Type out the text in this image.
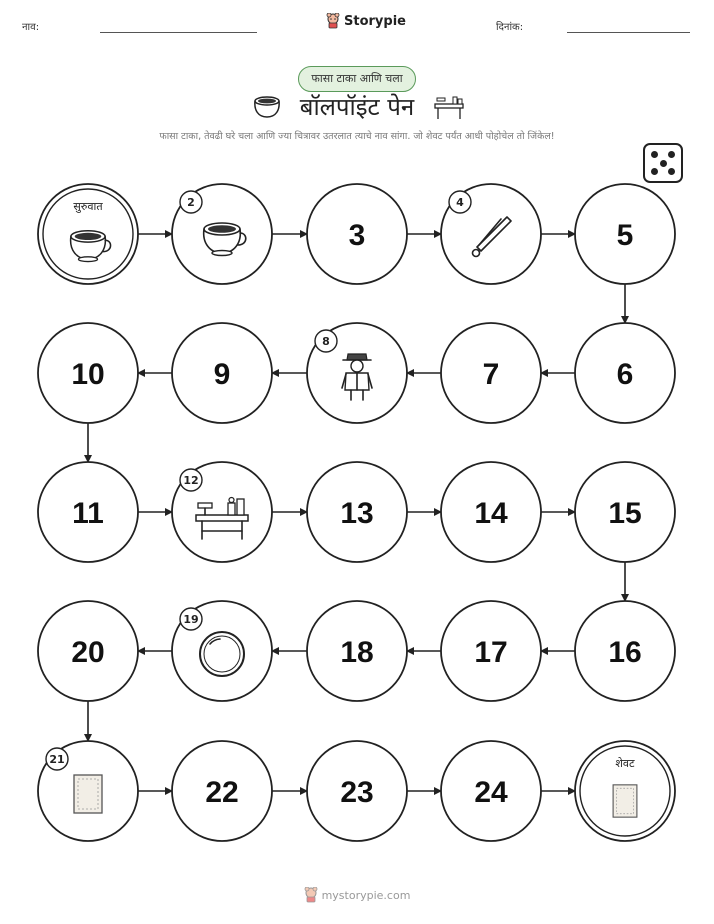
नाव:	Storypie	दिनांक:
फासा टाका आणि चला
बॉलपॉइंट पेन
फासा टाका, तेवढी घरे चला आणि ज्या चित्रावर उतरलात त्याचे नाव सांगा. जो शेवट पर्यंत आधी पोहोचेल तो जिंकेल!
सुरुवात	2
3
4
5
6
7
8
9
10
11
12
13	14	15
16
17
18
19
20
21
22	23	24
शेवट
mystorypie.com
